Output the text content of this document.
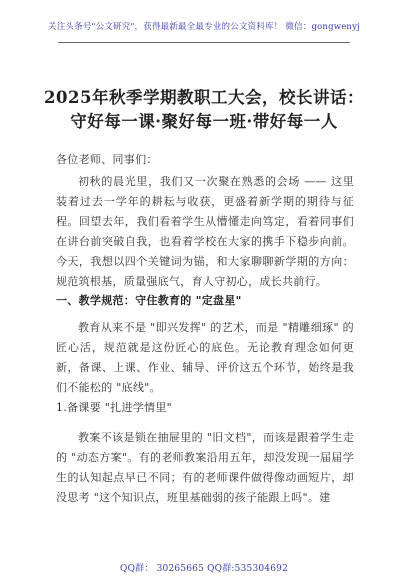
关注头条号"公文研究"，获得最新最全最专业的公文资料库！ 微信：gongwenyj
2025年秋季学期教职工大会，校长讲话：守好每一课·聚好每一班·带好每一人
各位老师、同事们：
初秋的晨光里，我们又一次聚在熟悉的会场 —— 这里装着过去一学年的耕耘与收获，更盛着新学期的期待与征程。回望去年，我们看着学生从懵懂走向笃定，看着同事们在讲台前突破自我，也看着学校在大家的携手下稳步向前。今天，我想以四个关键词为锚，和大家聊聊新学期的方向：规范筑根基，质量强底气，育人守初心，成长共前行。
一、教学规范：守住教育的 "定盘星"
教育从来不是 "即兴发挥" 的艺术，而是 "精雕细琢" 的匠心活，规范就是这份匠心的底色。无论教育理念如何更新，备课、上课、作业、辅导、评价这五个环节，始终是我们不能松的 "底线"。
1.备课要 "扎进学情里"
教案不该是锁在抽屉里的 "旧文档"，而该是跟着学生走的 "动态方案"。有的老师教案沿用五年，却没发现一届届学生的认知起点早已不同；有的老师课件做得像动画短片，却没思考 "这个知识点，班里基础弱的孩子能跟上吗"。建
QQ群： 30265665 QQ群:535304692
